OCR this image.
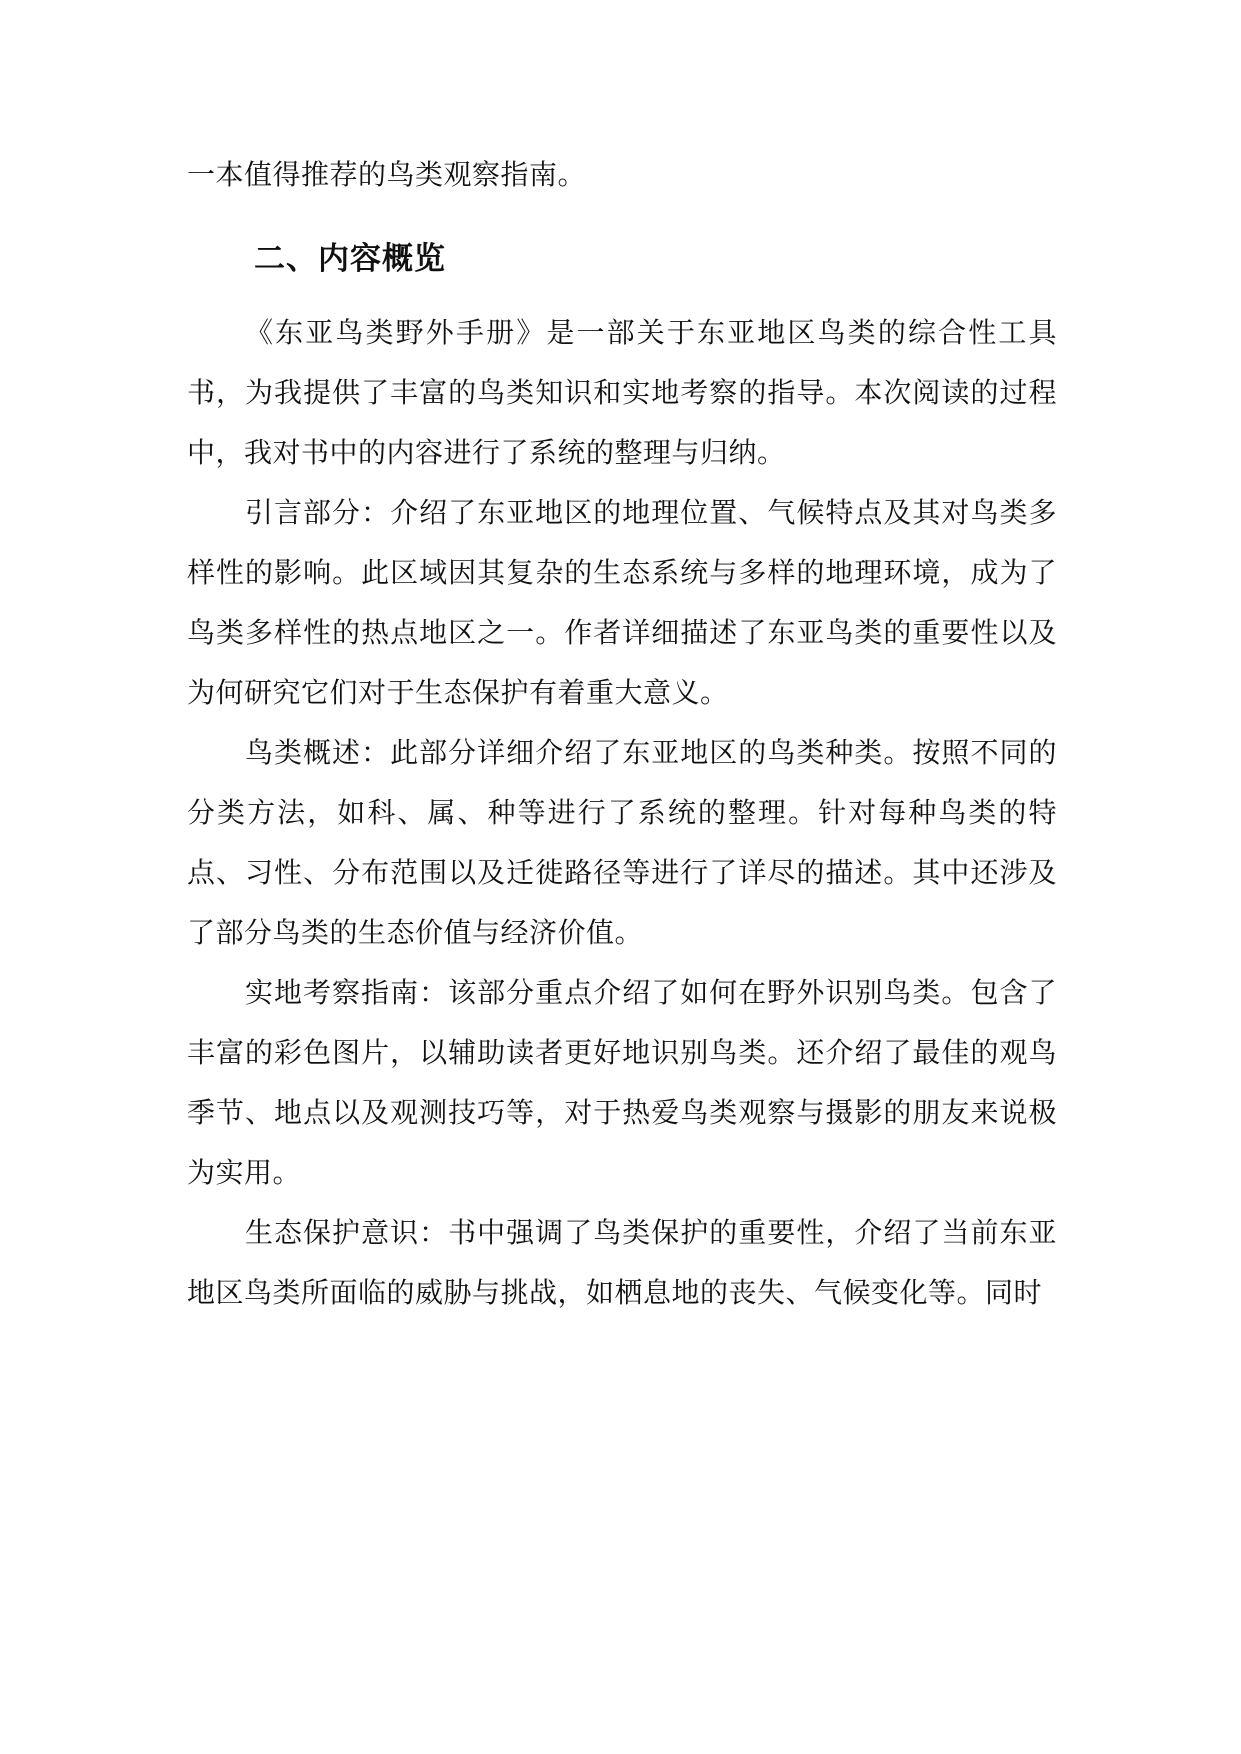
一本值得推荐的鸟类观察指南。

二、内容概览

《东亚鸟类野外手册》是一部关于东亚地区鸟类的综合性工具书，为我提供了丰富的鸟类知识和实地考察的指导。本次阅读的过程中，我对书中的内容进行了系统的整理与归纳。

引言部分：介绍了东亚地区的地理位置、气候特点及其对鸟类多样性的影响。此区域因其复杂的生态系统与多样的地理环境，成为了鸟类多样性的热点地区之一。作者详细描述了东亚鸟类的重要性以及为何研究它们对于生态保护有着重大意义。

鸟类概述：此部分详细介绍了东亚地区的鸟类种类。按照不同的分类方法，如科、属、种等进行了系统的整理。针对每种鸟类的特点、习性、分布范围以及迁徙路径等进行了详尽的描述。其中还涉及了部分鸟类的生态价值与经济价值。

实地考察指南：该部分重点介绍了如何在野外识别鸟类。包含了丰富的彩色图片，以辅助读者更好地识别鸟类。还介绍了最佳的观鸟季节、地点以及观测技巧等，对于热爱鸟类观察与摄影的朋友来说极为实用。

生态保护意识：书中强调了鸟类保护的重要性，介绍了当前东亚地区鸟类所面临的威胁与挑战，如栖息地的丧失、气候变化等。同时
